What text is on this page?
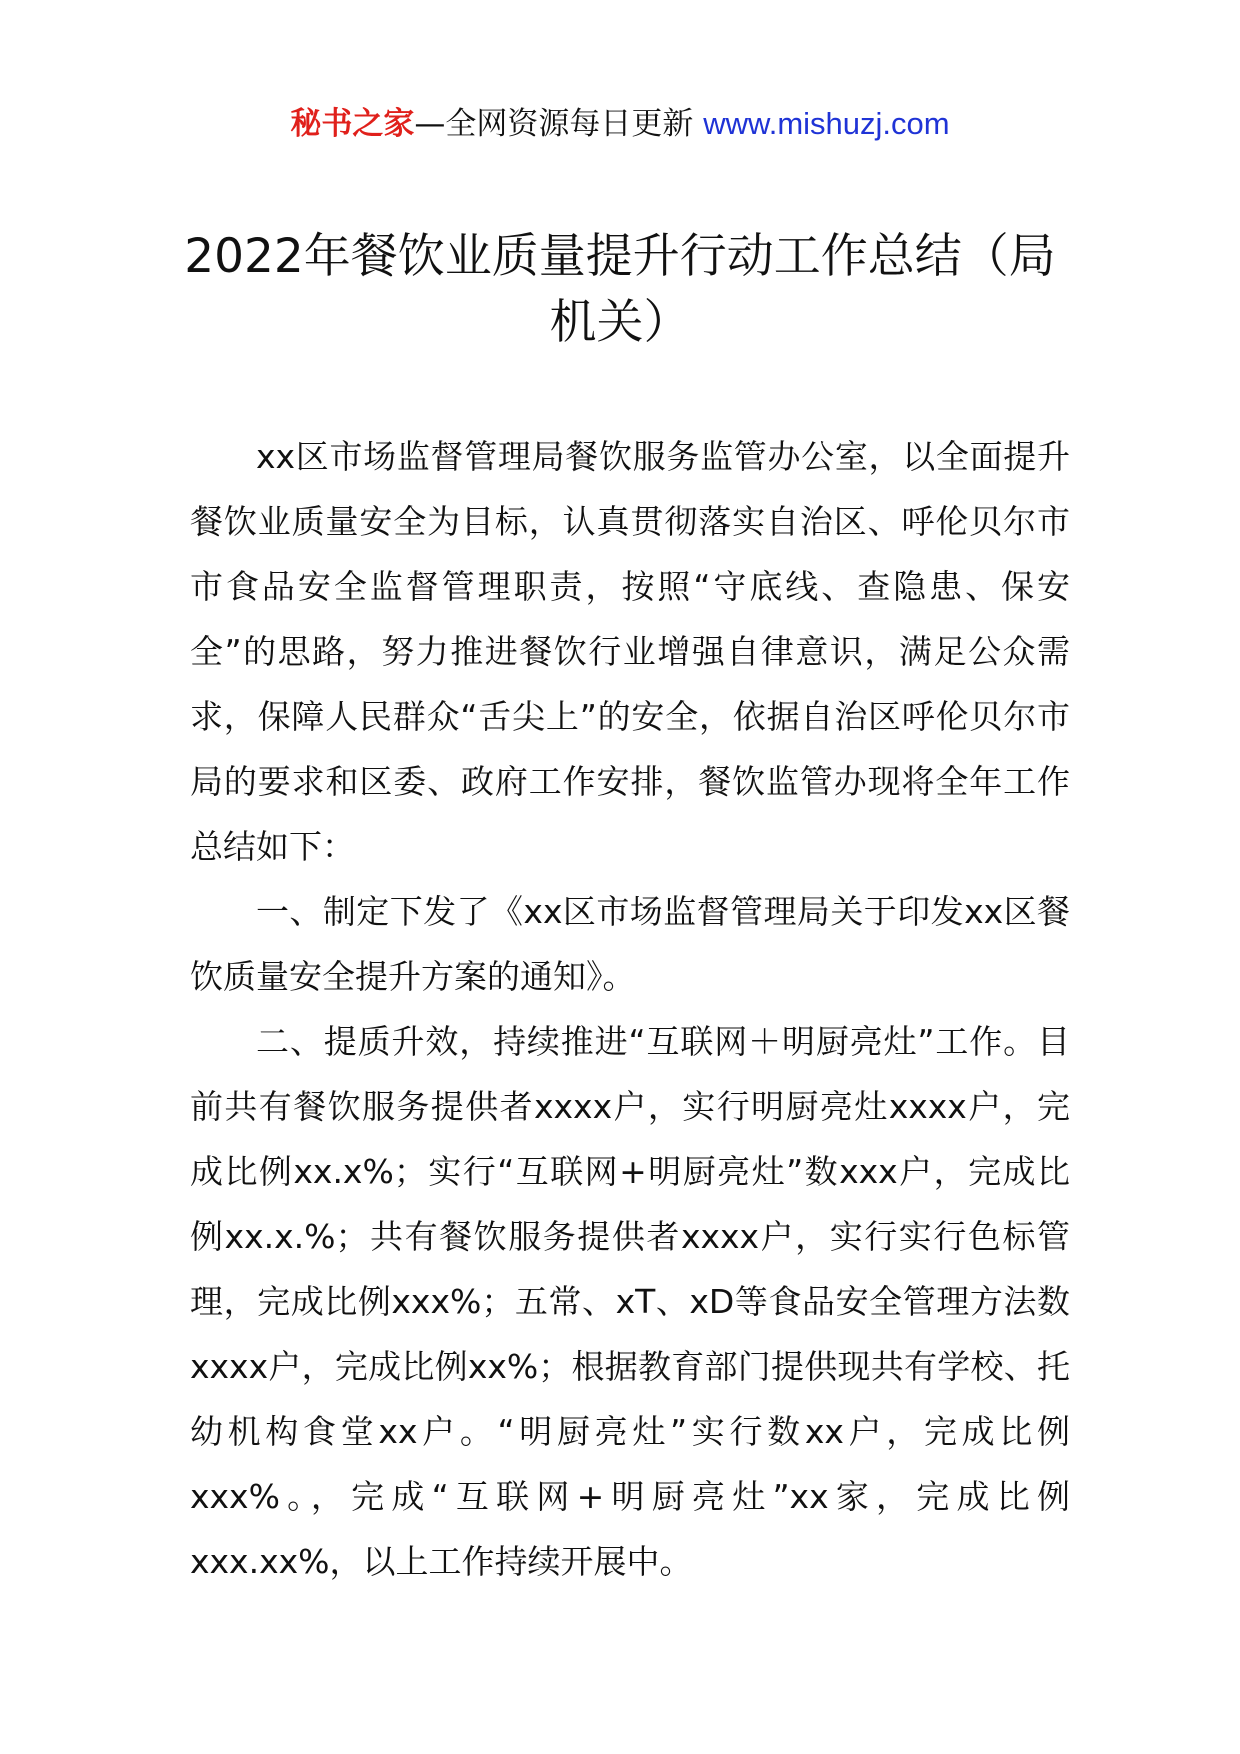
秘书之家—全网资源每日更新 www.mishuzj.com
2022年餐饮业质量提升行动工作总结（局
机关）

xx区市场监督管理局餐饮服务监管办公室，以全面提升餐饮业质量安全为目标，认真贯彻落实自治区、呼伦贝尔市市食品安全监督管理职责，按照“守底线、查隐患、保安全”的思路，努力推进餐饮行业增强自律意识，满足公众需求，保障人民群众“舌尖上”的安全，依据自治区呼伦贝尔市局的要求和区委、政府工作安排，餐饮监管办现将全年工作总结如下：

一、制定下发了《xx区市场监督管理局关于印发xx区餐饮质量安全提升方案的通知》。

二、提质升效，持续推进“互联网＋明厨亮灶”工作。目前共有餐饮服务提供者xxxx户，实行明厨亮灶xxxx户，完成比例xx.x%；实行“互联网+明厨亮灶”数xxx户，完成比例xx.x.%；共有餐饮服务提供者xxxx户，实行实行色标管理，完成比例xxx%；五常、xT、xD等食品安全管理方法数xxxx户，完成比例xx%；根据教育部门提供现共有学校、托幼机构食堂xx户。“明厨亮灶”实行数xx户，完成比例xxx%。，完成“互联网+明厨亮灶”xx家，完成比例xxx.xx%，以上工作持续开展中。
